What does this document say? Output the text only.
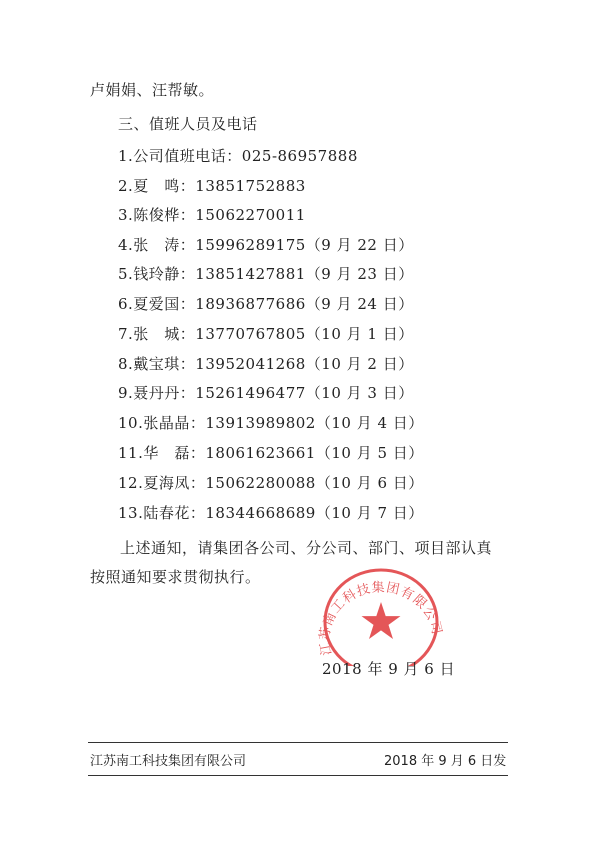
卢娟娟、汪帮敏。
三、值班人员及电话
1.公司值班电话：025-86957888
2.夏　鸣：13851752883
3.陈俊桦：15062270011
4.张　涛：15996289175（9 月 22 日）
5.钱玲静：13851427881（9 月 23 日）
6.夏爱国：18936877686（9 月 24 日）
7.张　城：13770767805（10 月 1 日）
8.戴宝琪：13952041268（10 月 2 日）
9.聂丹丹：15261496477（10 月 3 日）
10.张晶晶：13913989802（10 月 4 日）
11.华　磊：18061623661（10 月 5 日）
12.夏海凤：15062280088（10 月 6 日）
13.陆春花：18344668689（10 月 7 日）
上述通知，请集团各公司、分公司、部门、项目部认真
按照通知要求贯彻执行。
江苏南工科技集团有限公司
2018 年 9 月 6 日
江苏南工科技集团有限公司	2018 年 9 月 6 日发
